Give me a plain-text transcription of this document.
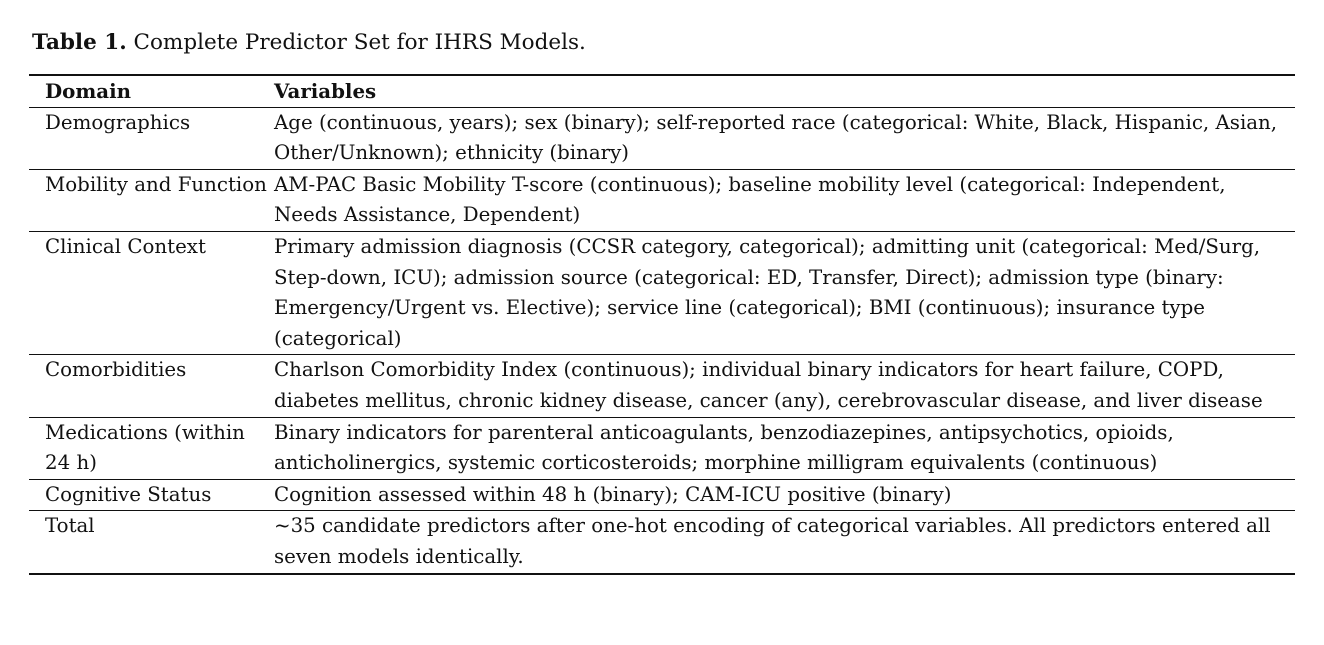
Table 1. Complete Predictor Set for IHRS Models.
Domain	Variables
Demographics	Age (continuous, years); sex (binary); self-reported race (categorical: White, Black, Hispanic, Asian, Other/Unknown); ethnicity (binary)
Mobility and Function	AM-PAC Basic Mobility T-score (continuous); baseline mobility level (categorical: Independent, Needs Assistance, Dependent)
Clinical Context	Primary admission diagnosis (CCSR category, categorical); admitting unit (categorical: Med/Surg, Step-down, ICU); admission source (categorical: ED, Transfer, Direct); admission type (binary: Emergency/Urgent vs. Elective); service line (categorical); BMI (continuous); insurance type (categorical)
Comorbidities	Charlson Comorbidity Index (continuous); individual binary indicators for heart failure, COPD, diabetes mellitus, chronic kidney disease, cancer (any), cerebrovascular disease, and liver disease
Medications (within 24 h)	Binary indicators for parenteral anticoagulants, benzodiazepines, antipsychotics, opioids, anticholinergics, systemic corticosteroids; morphine milligram equivalents (continuous)
Cognitive Status	Cognition assessed within 48 h (binary); CAM-ICU positive (binary)
Total	~35 candidate predictors after one-hot encoding of categorical variables. All predictors entered all seven models identically.
